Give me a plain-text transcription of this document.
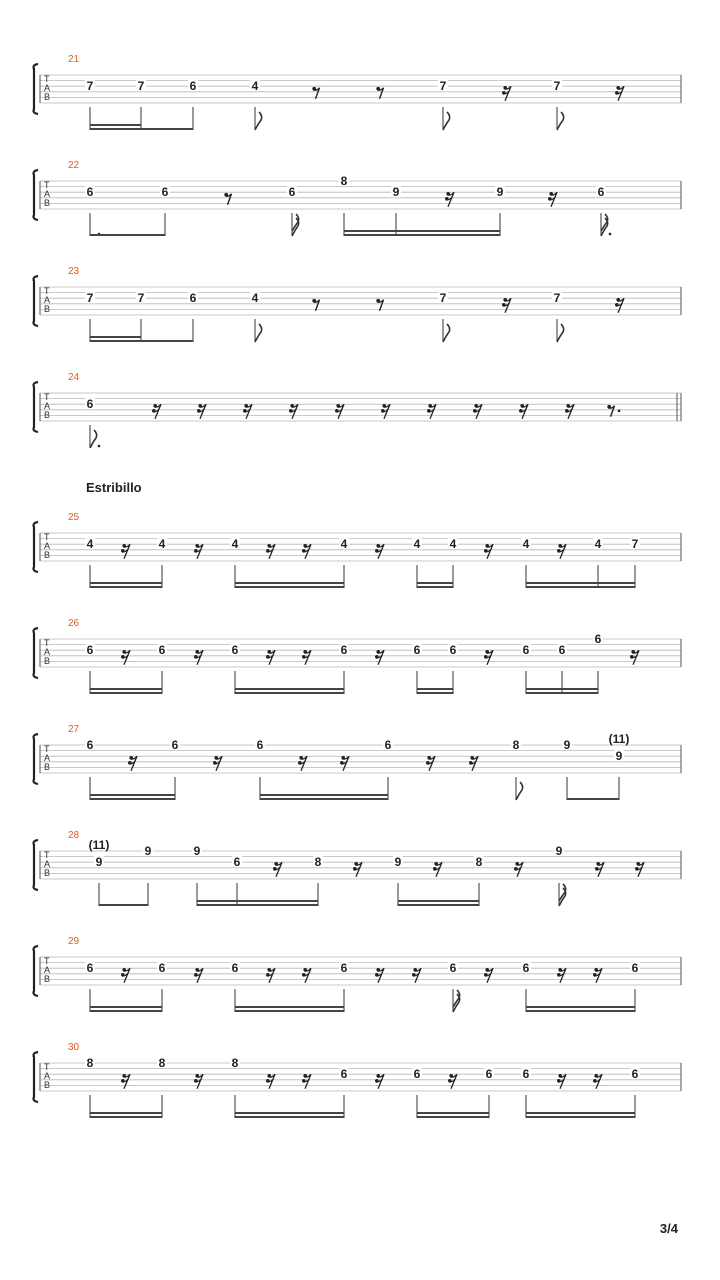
Estribillo
T
A
B
21
7	7	6	4	7	7
T
A
B
22
6	6	6
8
9	9	6
T
A
B
23
7	7	6	4	7	7
T
A
B
24
6
T
A
B
25
4	4	4	4	4 4	4	4	7
T
A
B
26
6	6	6	6	6 6	6 6
6
T
A
B
27
6	6	6	6	8	9
9
(11)
T
A
B
28
9
(11)	9	9
6	8	9	8
9
T
A
B
29
6	6	6	6	6	6	6
T
A
B
30
8	8	8
6	6	6	6	6
3/4
